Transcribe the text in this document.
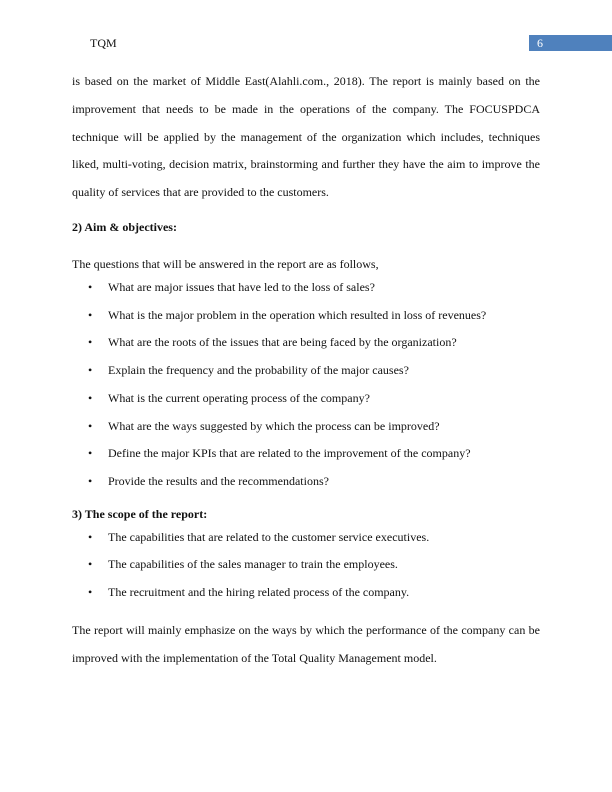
TQM	6

is based on the market of Middle East(Alahli.com., 2018). The report is mainly based on the improvement that needs to be made in the operations of the company. The FOCUSPDCA technique will be applied by the management of the organization which includes, techniques liked, multi-voting, decision matrix, brainstorming and further they have the aim to improve the quality of services that are provided to the customers.

2) Aim & objectives:

The questions that will be answered in the report are as follows,

• What are major issues that have led to the loss of sales?
• What is the major problem in the operation which resulted in loss of revenues?
• What are the roots of the issues that are being faced by the organization?
• Explain the frequency and the probability of the major causes?
• What is the current operating process of the company?
• What are the ways suggested by which the process can be improved?
• Define the major KPIs that are related to the improvement of the company?
• Provide the results and the recommendations?

3) The scope of the report:

• The capabilities that are related to the customer service executives.
• The capabilities of the sales manager to train the employees.
• The recruitment and the hiring related process of the company.

The report will mainly emphasize on the ways by which the performance of the company can be improved with the implementation of the Total Quality Management model.
